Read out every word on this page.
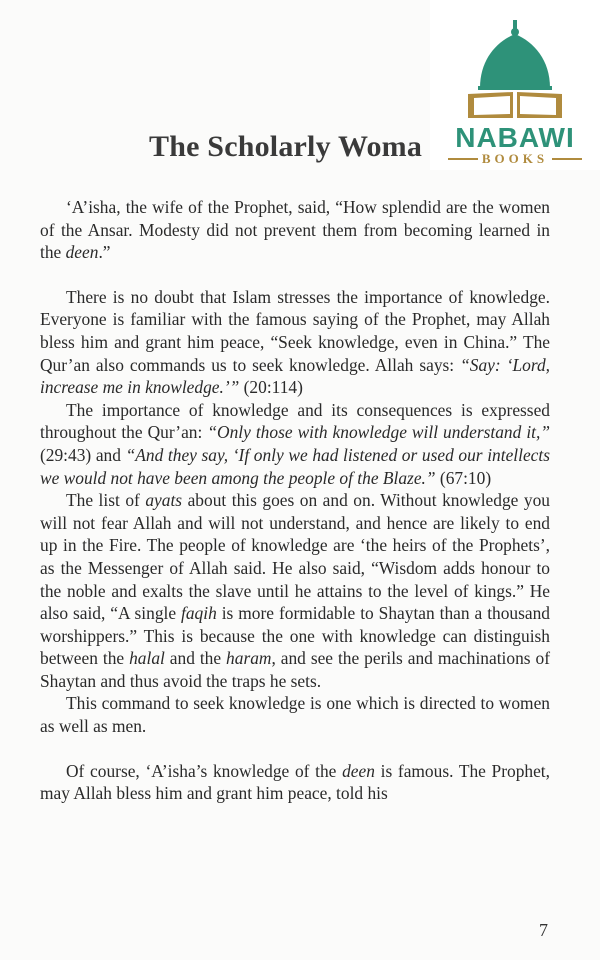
The Scholarly Woma	NABAWI
BOOKS

‘A’isha, the wife of the Prophet, said, “How splendid are the women of the Ansar. Modesty did not prevent them from becoming learned in the deen.”

There is no doubt that Islam stresses the importance of knowledge. Everyone is familiar with the famous saying of the Prophet, may Allah bless him and grant him peace, “Seek knowledge, even in China.” The Qur’an also commands us to seek knowledge. Allah says: “Say: ‘Lord, increase me in knowledge.’” (20:114)

The importance of knowledge and its consequences is expressed throughout the Qur’an: “Only those with knowledge will understand it,” (29:43) and “And they say, ‘If only we had listened or used our intellects we would not have been among the people of the Blaze.” (67:10)

The list of ayats about this goes on and on. Without knowledge you will not fear Allah and will not understand, and hence are likely to end up in the Fire. The people of knowledge are ‘the heirs of the Prophets’, as the Messenger of Allah said. He also said, “Wisdom adds honour to the noble and exalts the slave until he attains to the level of kings.” He also said, “A single faqih is more formidable to Shaytan than a thousand worshippers.” This is because the one with knowledge can distinguish between the halal and the haram, and see the perils and machinations of Shaytan and thus avoid the traps he sets.

This command to seek knowledge is one which is directed to women as well as men.

Of course, ‘A’isha’s knowledge of the deen is famous. The Prophet, may Allah bless him and grant him peace, told his

7
